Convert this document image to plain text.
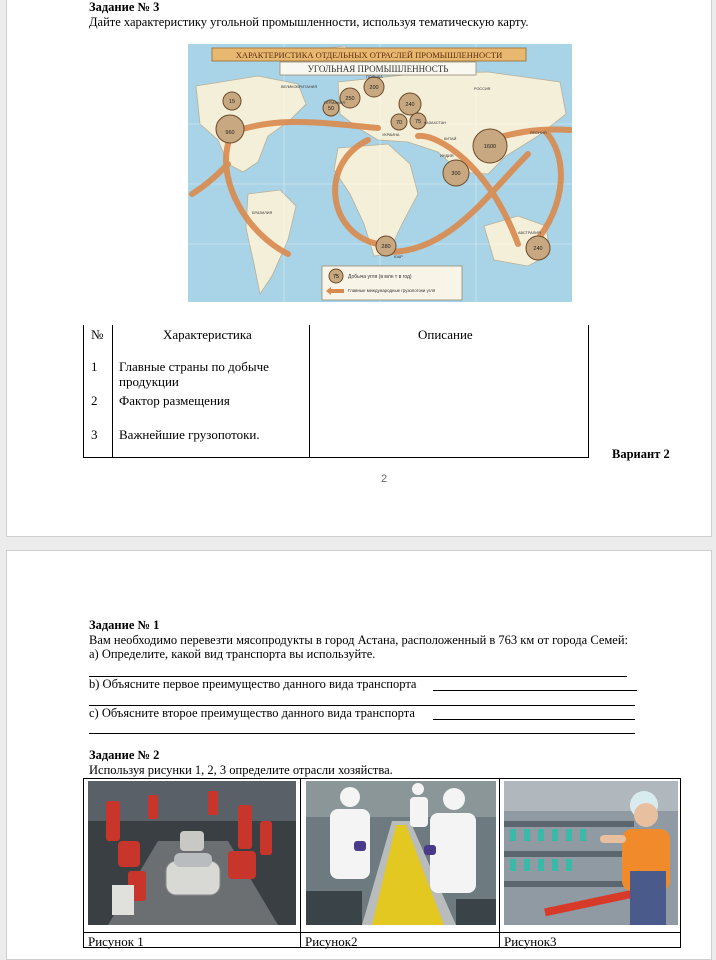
Задание № 3
Дайте характеристику угольной промышленности, используя тематическую карту.
ХАРАКТЕРИСТИКА ОТДЕЛЬНЫХ ОТРАСЛЕЙ ПРОМЫШЛЕННОСТИ
УГОЛЬНАЯ ПРОМЫШЛЕННОСТЬ
15
960
50
250
200
240
70 75
1600
300
280	240
ВЕЛИКОБРИТАНИЯ
ГЕРМАНИЯ
ПОЛЬША
УКРАИНА
КАЗАХСТАН
КИТАЙ
ИНДИЯ
ЯПОНИЯ
БРАЗИЛИЯ
ЮАР
АВСТРАЛИЯ
РОССИЯ
75 Добыча угля (в млн т в год)
Главные международные грузопотоки угля
№	Характеристика	Описание
1 Главные страны по добыче продукции
2 Фактор размещения
3 Важнейшие грузопотоки.
Вариант 2
2
Задание № 1
Вам необходимо перевезти мясопродукты в город Астана, расположенный в 763 км от города Семей:
а) Определите, какой вид транспорта вы используйте.
b) Объясните первое преимущество данного вида транспорта
c) Объясните второе преимущество данного вида транспорта
Задание № 2
Используя рисунки 1, 2, 3 определите отрасли хозяйства.
Рисунок 1	Рисунок2	Рисунок3
